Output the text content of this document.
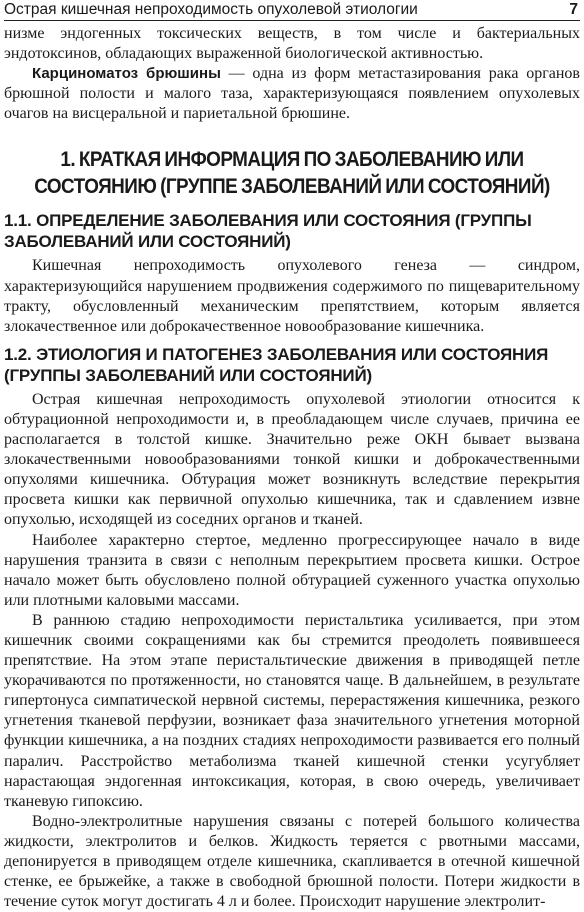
Острая кишечная непроходимость опухолевой этиологии	7

низме эндогенных токсических веществ, в том числе и бактериальных эндотоксинов, обладающих выраженной биологической активностью.

Карциноматоз брюшины — одна из форм метастазирования рака органов брюшной полости и малого таза, характеризующаяся появлением опухолевых очагов на висцеральной и париетальной брюшине.

1. КРАТКАЯ ИНФОРМАЦИЯ ПО ЗАБОЛЕВАНИЮ ИЛИ СОСТОЯНИЮ (ГРУППЕ ЗАБОЛЕВАНИЙ ИЛИ СОСТОЯНИЙ)
1.1. ОПРЕДЕЛЕНИЕ ЗАБОЛЕВАНИЯ ИЛИ СОСТОЯНИЯ (ГРУППЫ ЗАБОЛЕВАНИЙ ИЛИ СОСТОЯНИЙ)

Кишечная непроходимость опухолевого генеза — синдром, характеризующийся нарушением продвижения содержимого по пищеварительному тракту, обусловленный механическим препятствием, которым является злокачественное или доброкачественное новообразование кишечника.

1.2. ЭТИОЛОГИЯ И ПАТОГЕНЕЗ ЗАБОЛЕВАНИЯ ИЛИ СОСТОЯНИЯ (ГРУППЫ ЗАБОЛЕВАНИЙ ИЛИ СОСТОЯНИЙ)

Острая кишечная непроходимость опухолевой этиологии относится к обтурационной непроходимости и, в преобладающем числе случаев, причина ее располагается в толстой кишке. Значительно реже ОКН бывает вызвана злокачественными новообразованиями тонкой кишки и доброкачественными опухолями кишечника. Обтурация может возникнуть вследствие перекрытия просвета кишки как первичной опухолью кишечника, так и сдавлением извне опухолью, исходящей из соседних органов и тканей.

Наиболее характерно стертое, медленно прогрессирующее начало в виде нарушения транзита в связи с неполным перекрытием просвета кишки. Острое начало может быть обусловлено полной обтурацией суженного участка опухолью или плотными каловыми массами.

В раннюю стадию непроходимости перистальтика усиливается, при этом кишечник своими сокращениями как бы стремится преодолеть появившееся препятствие. На этом этапе перистальтические движения в приводящей петле укорачиваются по протяженности, но становятся чаще. В дальнейшем, в результате гипертонуса симпатической нервной системы, перерастяжения кишечника, резкого угнетения тканевой перфузии, возникает фаза значительного угнетения моторной функции кишечника, а на поздних стадиях непроходимости развивается его полный паралич. Расстройство метаболизма тканей кишечной стенки усугубляет нарастающая эндогенная интоксикация, которая, в свою очередь, увеличивает тканевую гипоксию.

Водно-электролитные нарушения связаны с потерей большого количества жидкости, электролитов и белков. Жидкость теряется с рвотными массами, депонируется в приводящем отделе кишечника, скапливается в отечной кишечной стенке, ее брыжейке, а также в свободной брюшной полости. Потери жидкости в течение суток могут достигать 4 л и более. Происходит нарушение электролит-
